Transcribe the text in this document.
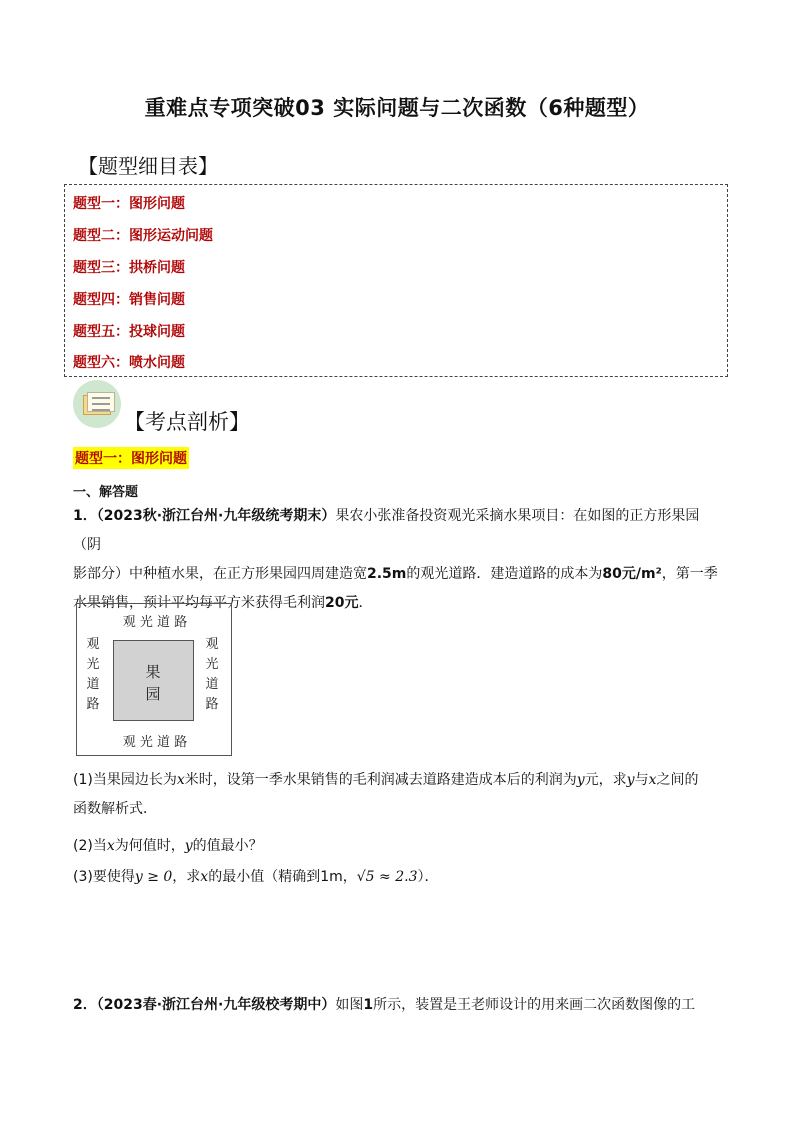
重难点专项突破03 实际问题与二次函数（6种题型）
【题型细目表】
题型一：图形问题
题型二：图形运动问题
题型三：拱桥问题
题型四：销售问题
题型五：投球问题
题型六：喷水问题
【考点剖析】
题型一：图形问题
一、解答题
1．（2023秋·浙江台州·九年级统考期末）果农小张准备投资观光采摘水果项目：在如图的正方形果园（阴
影部分）中种植水果，在正方形果园四周建造宽2.5m的观光道路．建造道路的成本为80元/m²，第一季
水果销售，预计平均每平方米获得毛利润20元．
观 光 道 路
观 光 道 路
观
光
道
路
观
光
道
路
果
园
(1)当果园边长为x米时，设第一季水果销售的毛利润减去道路建造成本后的利润为y元，求y与x之间的
函数解析式．
(2)当x为何值时，y的值最小？
(3)要使得y ≥ 0，求x的最小值（精确到1m，√5 ≈ 2.3）．
2．（2023春·浙江台州·九年级校考期中）如图1所示，装置是王老师设计的用来画二次函数图像的工
